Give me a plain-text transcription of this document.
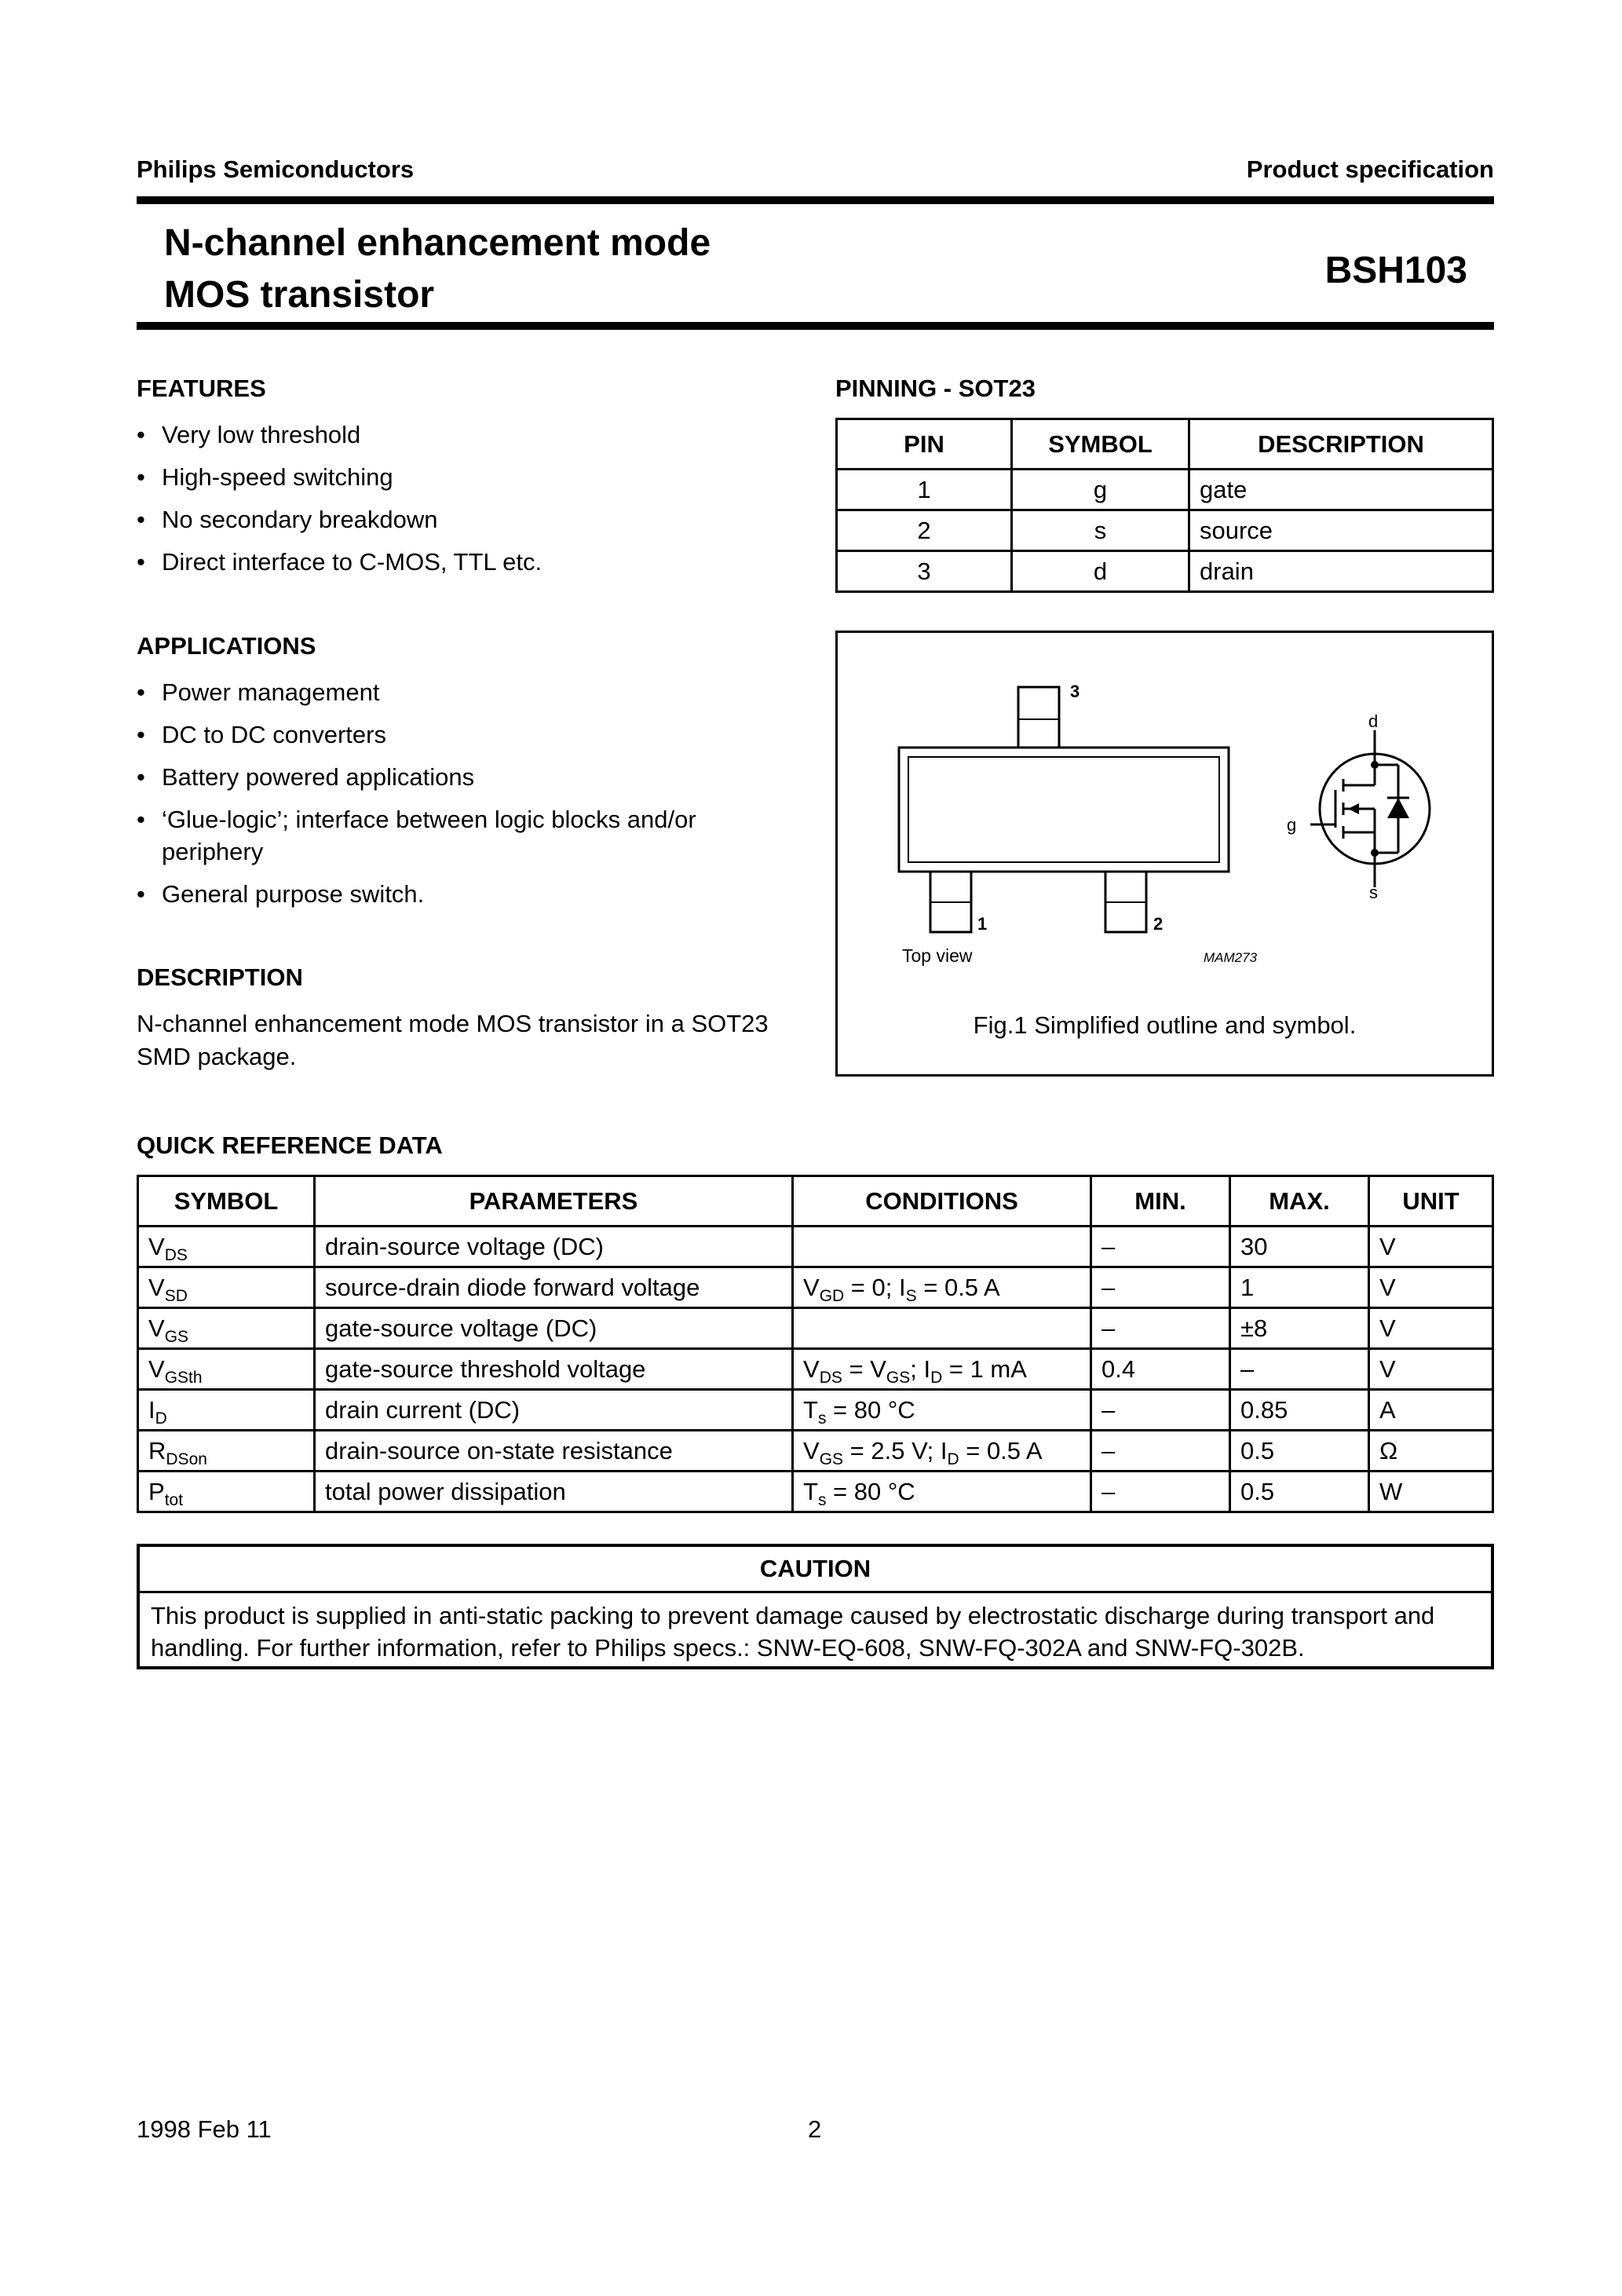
Philips Semiconductors	Product specification
N-channel enhancement mode
MOS transistor
BSH103
FEATURES
• Very low threshold
• High-speed switching
• No secondary breakdown
• Direct interface to C-MOS, TTL etc.
APPLICATIONS
• Power management
• DC to DC converters
• Battery powered applications
• ‘Glue-logic’; interface between logic blocks and/or periphery
• General purpose switch.
DESCRIPTION
N-channel enhancement mode MOS transistor in a SOT23 SMD package.
PINNING - SOT23
PIN	SYMBOL	DESCRIPTION
1	g	gate
2	s	source
3	d	drain
3
1	2
Top view	MAM273
d
g
s
Fig.1 Simplified outline and symbol.
QUICK REFERENCE DATA
SYMBOL	PARAMETERS	CONDITIONS	MIN.	MAX.	UNIT
$V_{DS}$	drain-source voltage (DC)		–	30	V
$V_{SD}$	source-drain diode forward voltage	$V_{GD} = 0$; $I_S = 0.5$ A	–	1	V
$V_{GS}$	gate-source voltage (DC)		–	±8	V
$V_{GSth}$	gate-source threshold voltage	$V_{DS} = V_{GS}$; $I_D = 1$ mA	0.4	–	V
$I_D$	drain current (DC)	$T_s = 80$ °C	–	0.85	A
$R_{DSon}$	drain-source on-state resistance	$V_{GS} = 2.5$ V; $I_D = 0.5$ A	–	0.5	Ω
$P_{tot}$	total power dissipation	$T_s = 80$ °C	–	0.5	W
CAUTION
This product is supplied in anti-static packing to prevent damage caused by electrostatic discharge during transport and handling. For further information, refer to Philips specs.: SNW-EQ-608, SNW-FQ-302A and SNW-FQ-302B.
1998 Feb 11	2
